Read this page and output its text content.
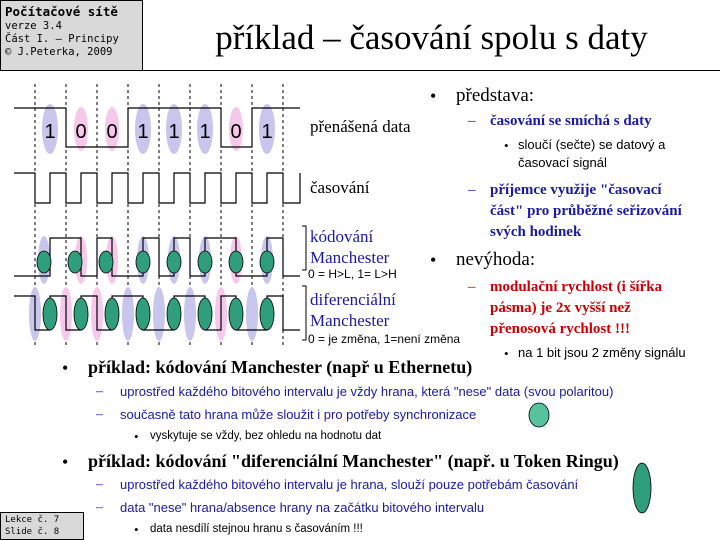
Počítačové sítě
verze 3.4
Část I. – Principy
© J.Peterka, 2009	příklad – časování spolu s daty
1 0 0 1 1 1 0 1 přenášená data
časování
kódování
Manchester
0 = H>L, 1= L>H
diferenciální
Manchester
0 = je změna, 1=není změna
• představa:
– časování se smíchá s daty
• sloučí (sečte) se datový a
časovací signál
– příjemce využije "časovací
část" pro průběžné seřizování
svých hodinek
• nevýhoda:
– modulační rychlost (i šířka
pásma) je 2x vyšší než
přenosová rychlost !!!
• na 1 bit jsou 2 změny signálu
• příklad: kódování Manchester (např u Ethernetu)
– uprostřed každého bitového intervalu je vždy hrana, která "nese" data (svou polaritou)
– současně tato hrana může sloužit i pro potřeby synchronizace
• vyskytuje se vždy, bez ohledu na hodnotu dat
• příklad: kódování "diferenciální Manchester" (např. u Token Ringu)
– uprostřed každého bitového intervalu je hrana, slouží pouze potřebám časování
– data "nese" hrana/absence hrany na začátku bitového intervalu
• data nesdílí stejnou hranu s časováním !!!
Lekce č. 7
Slide č. 8
